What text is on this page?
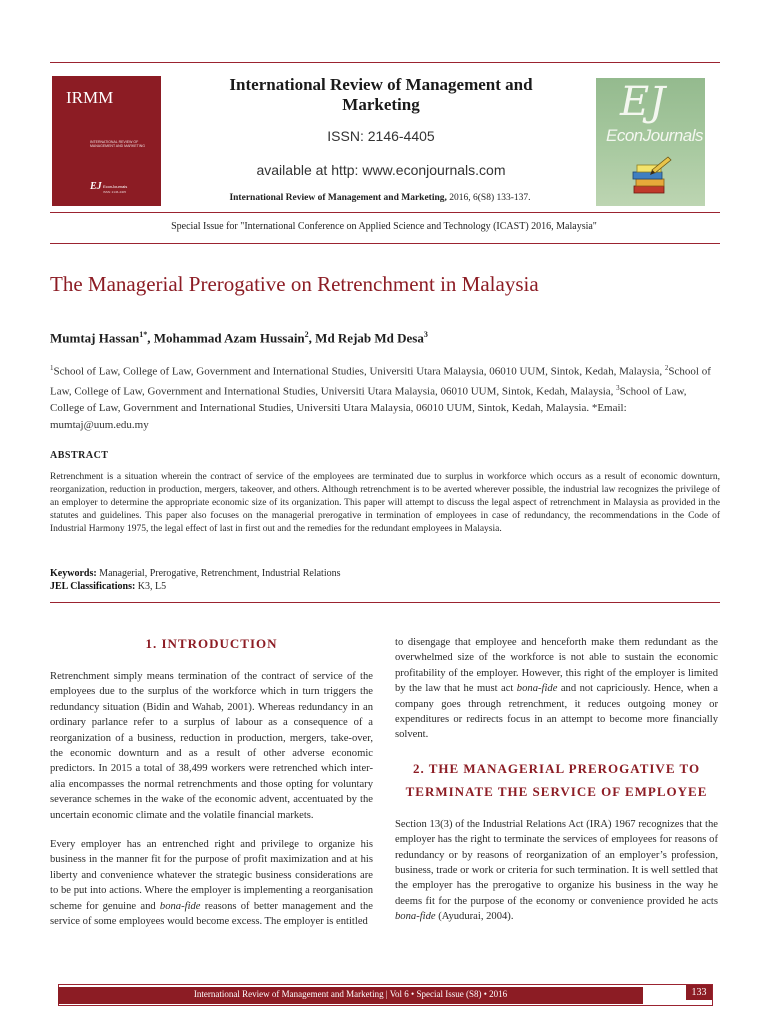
IRMM
INTERNATIONAL REVIEW OF MANAGEMENT AND MARKETING
EJ EconJournals
ISSN: 2146-4405
International Review of Management and Marketing
ISSN: 2146-4405
available at http: www.econjournals.com
International Review of Management and Marketing, 2016, 6(S8) 133-137.
EJ
EconJournals
Special Issue for "International Conference on Applied Science and Technology (ICAST) 2016, Malaysia"
The Managerial Prerogative on Retrenchment in Malaysia
Mumtaj Hassan$^{1*}$, Mohammad Azam Hussain$^2$, Md Rejab Md Desa$^3$
$^1$School of Law, College of Law, Government and International Studies, Universiti Utara Malaysia, 06010 UUM, Sintok, Kedah, Malaysia, $^2$School of Law, College of Law, Government and International Studies, Universiti Utara Malaysia, 06010 UUM, Sintok, Kedah, Malaysia, $^3$School of Law, College of Law, Government and International Studies, Universiti Utara Malaysia, 06010 UUM, Sintok, Kedah, Malaysia. *Email: mumtaj@uum.edu.my
ABSTRACT
Retrenchment is a situation wherein the contract of service of the employees are terminated due to surplus in workforce which occurs as a result of economic downturn, reorganization, reduction in production, mergers, takeover, and others. Although retrenchment is to be averted wherever possible, the industrial law recognizes the privilege of an employer to determine the appropriate economic size of its organization. This paper will attempt to discuss the legal aspect of retrenchment in Malaysia as provided in the statutes and guidelines. This paper also focuses on the managerial prerogative in termination of employees in case of redundancy, the recommendations in the Code of Industrial Harmony 1975, the legal effect of last in first out and the remedies for the redundant employees in Malaysia.
Keywords: Managerial, Prerogative, Retrenchment, Industrial Relations
JEL Classifications: K3, L5
1. INTRODUCTION

Retrenchment simply means termination of the contract of service of the employees due to the surplus of the workforce which in turn triggers the redundancy situation (Bidin and Wahab, 2001). Whereas redundancy in an ordinary parlance refer to a surplus of labour as a consequence of a reorganization of a business, reduction in production, mergers, take-over, the economic downturn and as a result of other adverse economic predictors. In 2015 a total of 38,499 workers were retrenched which inter-alia encompasses the normal retrenchments and those opting for voluntary severance schemes in the wake of the economic advent, accentuated by the uncertain economic climate and the volatile financial markets.

Every employer has an entrenched right and privilege to organize his business in the manner fit for the purpose of profit maximization and at his liberty and convenience whatever the strategic business considerations are to be put into actions. Where the employer is implementing a reorganisation scheme for genuine and bona-fide reasons of better management and the service of some employees would become excess. The employer is entitled

to disengage that employee and henceforth make them redundant as the overwhelmed size of the workforce is not able to sustain the economic profitability of the employer. However, this right of the employer is limited by the law that he must act bona-fide and not capriciously. Hence, when a company goes through retrenchment, it reduces outgoing money or expenditures or redirects focus in an attempt to become more financially solvent.

2. THE MANAGERIAL PREROGATIVE TO
TERMINATE THE SERVICE OF EMPLOYEE

Section 13(3) of the Industrial Relations Act (IRA) 1967 recognizes that the employer has the right to terminate the services of employees for reasons of redundancy or by reasons of reorganization of an employer’s profession, business, trade or work or criteria for such termination. It is well settled that the employer has the prerogative to organize his business in the way he deems fit for the purpose of the economy or convenience provided he acts bona-fide (Ayudurai, 2004).

International Review of Management and Marketing | Vol 6 • Special Issue (S8) • 2016	133
